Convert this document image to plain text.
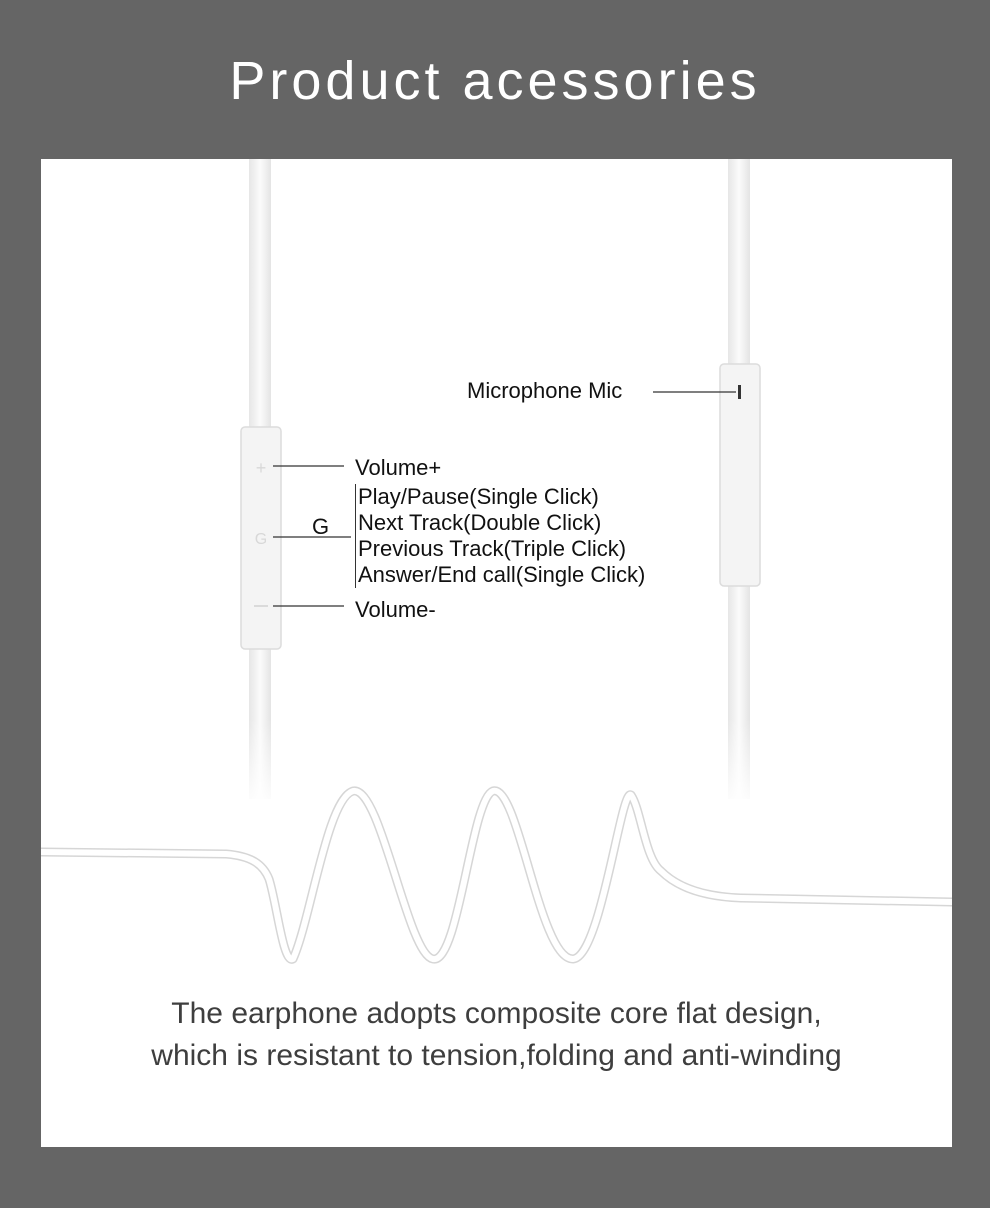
Product acessories
+
G
Microphone Mic
Volume+
G
Play/Pause(Single Click)
Next Track(Double Click)
Previous Track(Triple Click)
Answer/End call(Single Click)
Volume-
The earphone adopts composite core flat design,
which is resistant to tension,folding and anti-winding
